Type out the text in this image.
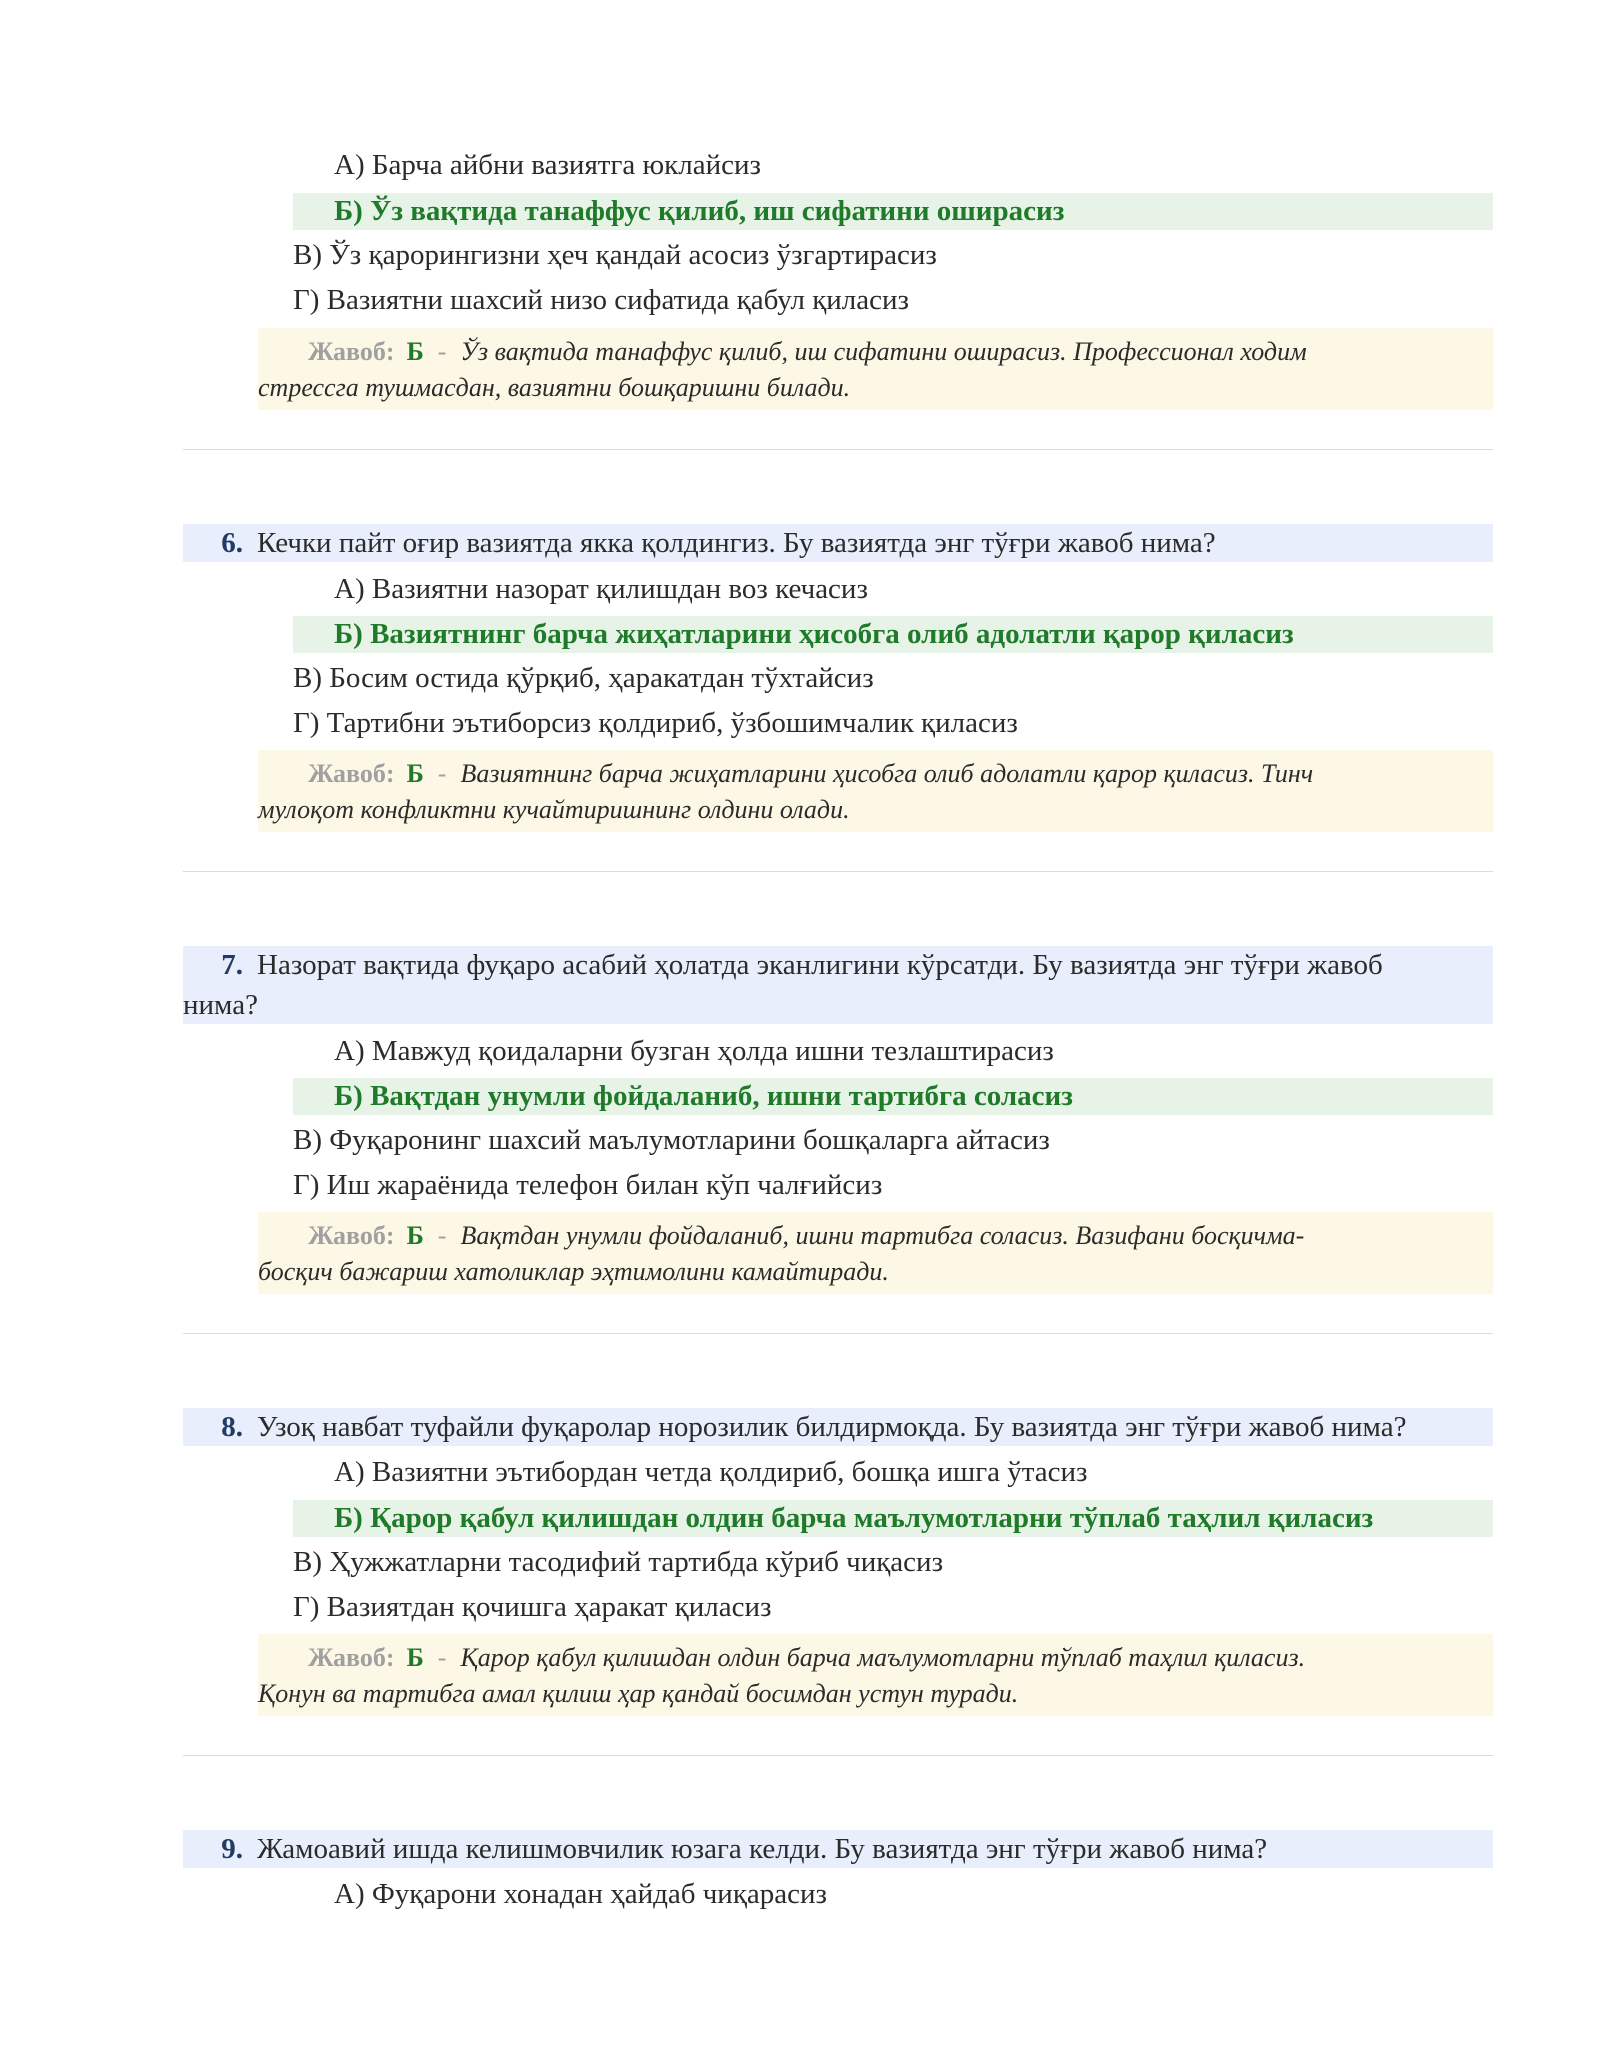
А) Барча айбни вазиятга юклайсиз
Б) Ўз вақтида танаффус қилиб, иш сифатини оширасиз
В) Ўз қарорингизни ҳеч қандай асосиз ўзгартирасиз
Г) Вазиятни шахсий низо сифатида қабул қиласиз
Жавоб: Б - Ўз вақтида танаффус қилиб, иш сифатини оширасиз. Профессионал ходим
стрессга тушмасдан, вазиятни бошқаришни билади.
6. Кечки пайт оғир вазиятда якка қолдингиз. Бу вазиятда энг тўғри жавоб нима?
А) Вазиятни назорат қилишдан воз кечасиз
Б) Вазиятнинг барча жиҳатларини ҳисобга олиб адолатли қарор қиласиз
В) Босим остида қўрқиб, ҳаракатдан тўхтайсиз
Г) Тартибни эътиборсиз қолдириб, ўзбошимчалик қиласиз
Жавоб: Б - Вазиятнинг барча жиҳатларини ҳисобга олиб адолатли қарор қиласиз. Тинч
мулоқот конфликтни кучайтиришнинг олдини олади.
7. Назорат вақтида фуқаро асабий ҳолатда эканлигини кўрсатди. Бу вазиятда энг тўғри жавоб
нима?
А) Мавжуд қоидаларни бузган ҳолда ишни тезлаштирасиз
Б) Вақтдан унумли фойдаланиб, ишни тартибга соласиз
В) Фуқаронинг шахсий маълумотларини бошқаларга айтасиз
Г) Иш жараёнида телефон билан кўп чалғийсиз
Жавоб: Б - Вақтдан унумли фойдаланиб, ишни тартибга соласиз. Вазифани босқичма-
босқич бажариш хатоликлар эҳтимолини камайтиради.
8. Узоқ навбат туфайли фуқаролар норозилик билдирмоқда. Бу вазиятда энг тўғри жавоб нима?
А) Вазиятни эътибордан четда қолдириб, бошқа ишга ўтасиз
Б) Қарор қабул қилишдан олдин барча маълумотларни тўплаб таҳлил қиласиз
В) Ҳужжатларни тасодифий тартибда кўриб чиқасиз
Г) Вазиятдан қочишга ҳаракат қиласиз
Жавоб: Б - Қарор қабул қилишдан олдин барча маълумотларни тўплаб таҳлил қиласиз.
Қонун ва тартибга амал қилиш ҳар қандай босимдан устун туради.
9. Жамоавий ишда келишмовчилик юзага келди. Бу вазиятда энг тўғри жавоб нима?
А) Фуқарони хонадан ҳайдаб чиқарасиз
